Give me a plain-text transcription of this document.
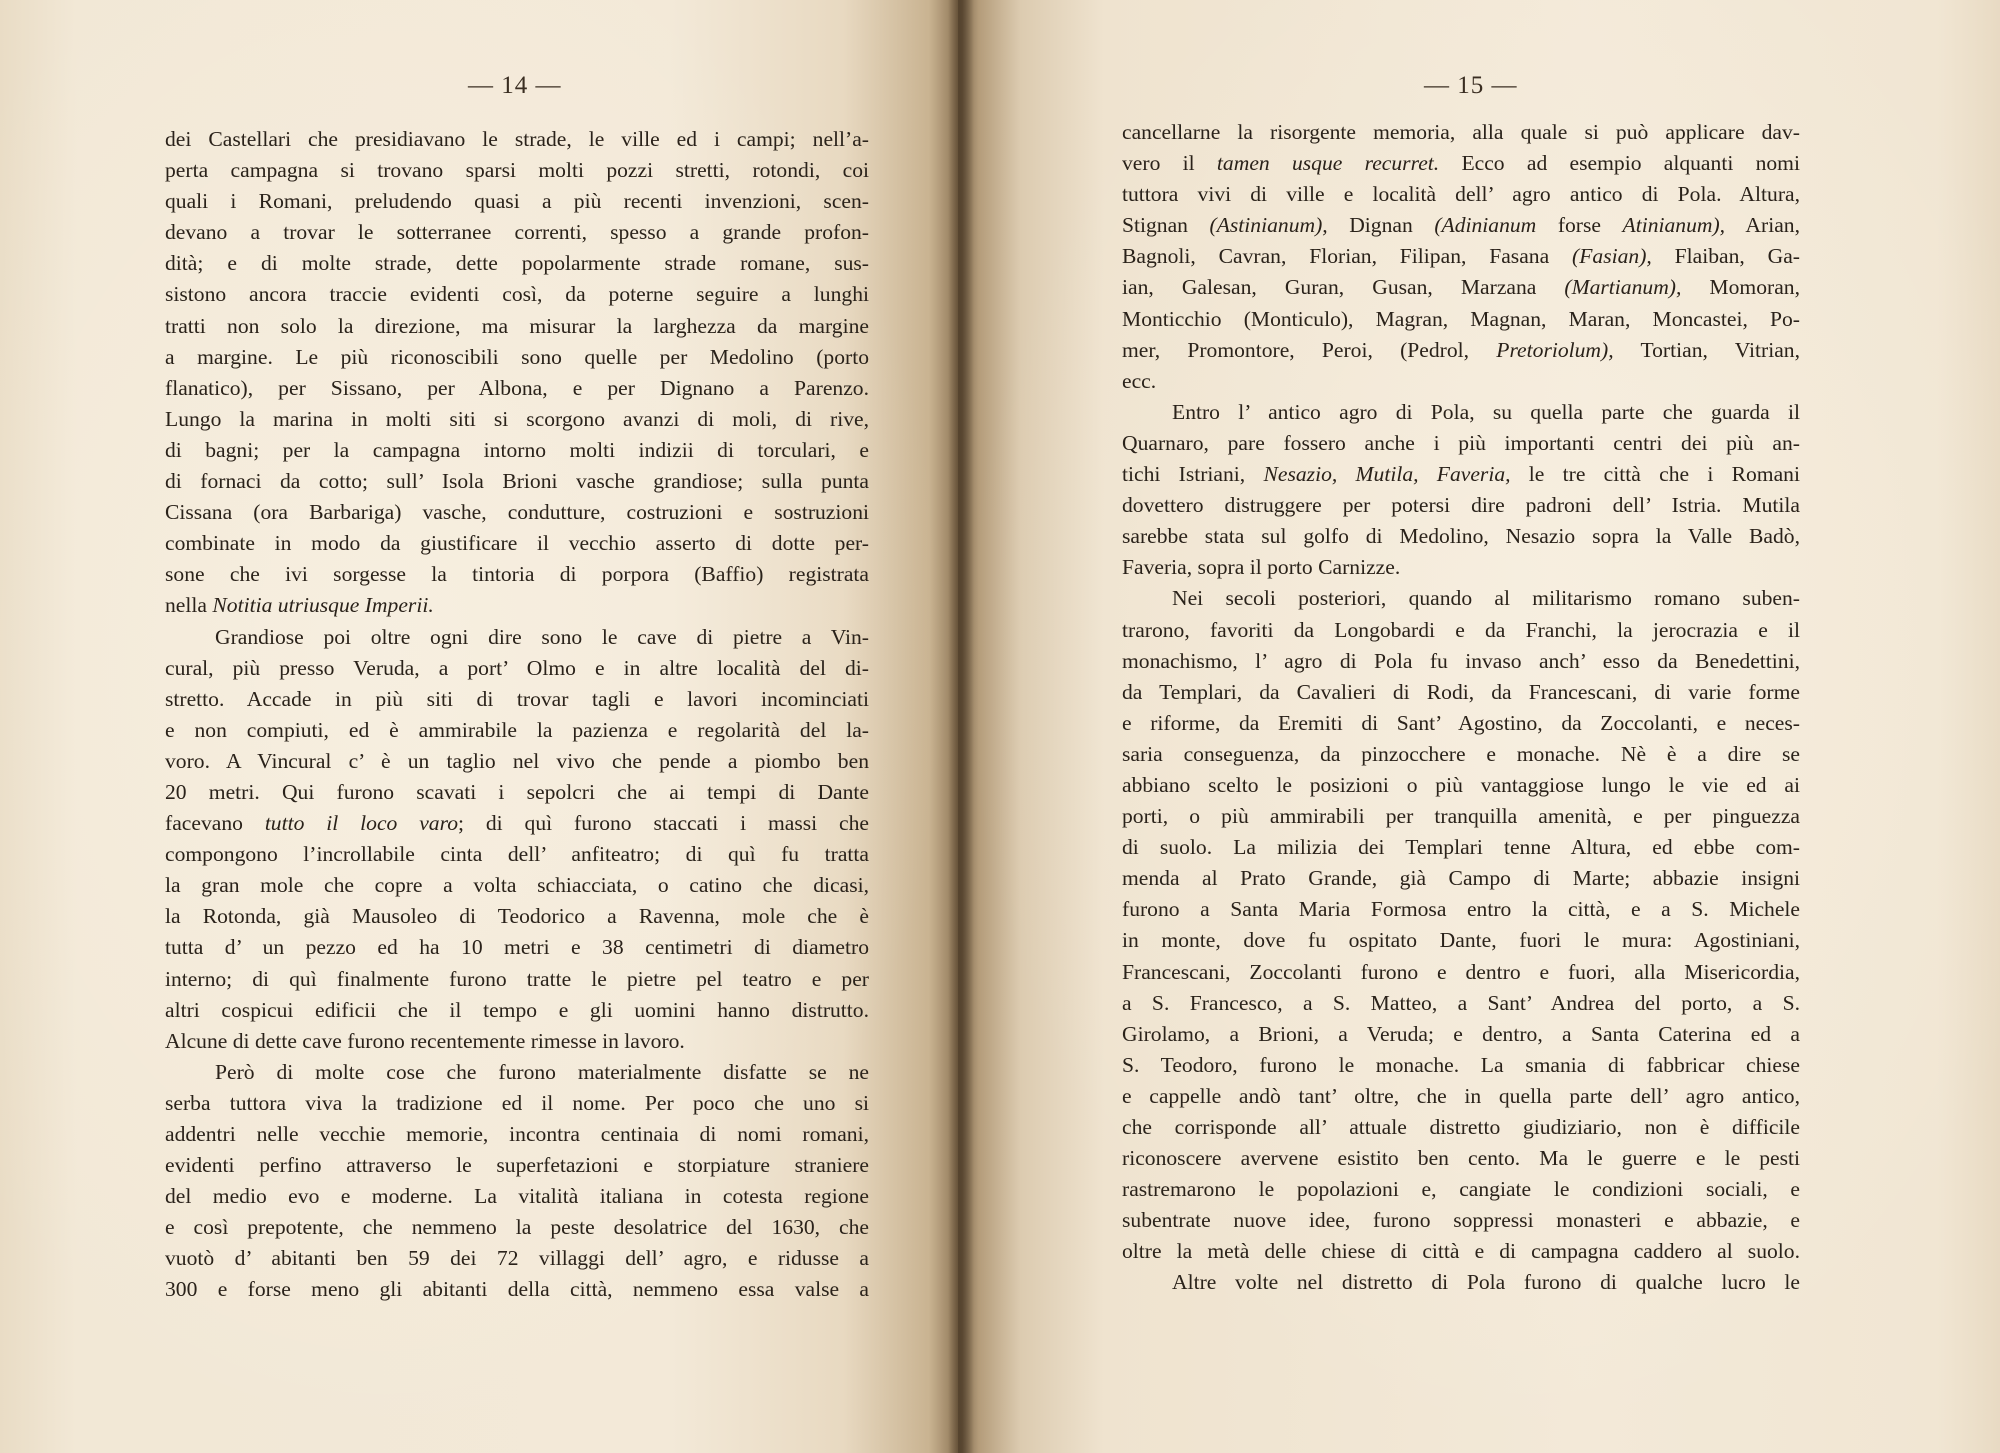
— 14 —
dei Castellari che presidiavano le strade, le ville ed i campi; nell’a-
perta campagna si trovano sparsi molti pozzi stretti, rotondi, coi
quali i Romani, preludendo quasi a più recenti invenzioni, scen-
devano a trovar le sotterranee correnti, spesso a grande profon-
dità; e di molte strade, dette popolarmente strade romane, sus-
sistono ancora traccie evidenti così, da poterne seguire a lunghi
tratti non solo la direzione, ma misurar la larghezza da margine
a margine. Le più riconoscibili sono quelle per Medolino (porto
flanatico), per Sissano, per Albona, e per Dignano a Parenzo.
Lungo la marina in molti siti si scorgono avanzi di moli, di rive,
di bagni; per la campagna intorno molti indizii di torculari, e
di fornaci da cotto; sull’ Isola Brioni vasche grandiose; sulla punta
Cissana (ora Barbariga) vasche, condutture, costruzioni e sostruzioni
combinate in modo da giustificare il vecchio asserto di dotte per-
sone che ivi sorgesse la tintoria di porpora (Baffio) registrata
nella Notitia utriusque Imperii.
Grandiose poi oltre ogni dire sono le cave di pietre a Vin-
cural, più presso Veruda, a port’ Olmo e in altre località del di-
stretto. Accade in più siti di trovar tagli e lavori incominciati
e non compiuti, ed è ammirabile la pazienza e regolarità del la-
voro. A Vincural c’ è un taglio nel vivo che pende a piombo ben
20 metri. Qui furono scavati i sepolcri che ai tempi di Dante
facevano tutto il loco varo; di quì furono staccati i massi che
compongono l’incrollabile cinta dell’ anfiteatro; di quì fu tratta
la gran mole che copre a volta schiacciata, o catino che dicasi,
la Rotonda, già Mausoleo di Teodorico a Ravenna, mole che è
tutta d’ un pezzo ed ha 10 metri e 38 centimetri di diametro
interno; di quì finalmente furono tratte le pietre pel teatro e per
altri cospicui edificii che il tempo e gli uomini hanno distrutto.
Alcune di dette cave furono recentemente rimesse in lavoro.
Però di molte cose che furono materialmente disfatte se ne
serba tuttora viva la tradizione ed il nome. Per poco che uno si
addentri nelle vecchie memorie, incontra centinaia di nomi romani,
evidenti perfino attraverso le superfetazioni e storpiature straniere
del medio evo e moderne. La vitalità italiana in cotesta regione
e così prepotente, che nemmeno la peste desolatrice del 1630, che
vuotò d’ abitanti ben 59 dei 72 villaggi dell’ agro, e ridusse a
300 e forse meno gli abitanti della città, nemmeno essa valse a
— 15 —
cancellarne la risorgente memoria, alla quale si può applicare dav-
vero il tamen usque recurret. Ecco ad esempio alquanti nomi
tuttora vivi di ville e località dell’ agro antico di Pola. Altura,
Stignan (Astinianum), Dignan (Adinianum forse Atinianum), Arian,
Bagnoli, Cavran, Florian, Filipan, Fasana (Fasian), Flaiban, Ga-
ian, Galesan, Guran, Gusan, Marzana (Martianum), Momoran,
Monticchio (Monticulo), Magran, Magnan, Maran, Moncastei, Po-
mer, Promontore, Peroi, (Pedrol, Pretoriolum), Tortian, Vitrian,
ecc.
Entro l’ antico agro di Pola, su quella parte che guarda il
Quarnaro, pare fossero anche i più importanti centri dei più an-
tichi Istriani, Nesazio, Mutila, Faveria, le tre città che i Romani
dovettero distruggere per potersi dire padroni dell’ Istria. Mutila
sarebbe stata sul golfo di Medolino, Nesazio sopra la Valle Badò,
Faveria, sopra il porto Carnizze.
Nei secoli posteriori, quando al militarismo romano suben-
trarono, favoriti da Longobardi e da Franchi, la jerocrazia e il
monachismo, l’ agro di Pola fu invaso anch’ esso da Benedettini,
da Templari, da Cavalieri di Rodi, da Francescani, di varie forme
e riforme, da Eremiti di Sant’ Agostino, da Zoccolanti, e neces-
saria conseguenza, da pinzocchere e monache. Nè è a dire se
abbiano scelto le posizioni o più vantaggiose lungo le vie ed ai
porti, o più ammirabili per tranquilla amenità, e per pinguezza
di suolo. La milizia dei Templari tenne Altura, ed ebbe com-
menda al Prato Grande, già Campo di Marte; abbazie insigni
furono a Santa Maria Formosa entro la città, e a S. Michele
in monte, dove fu ospitato Dante, fuori le mura: Agostiniani,
Francescani, Zoccolanti furono e dentro e fuori, alla Misericordia,
a S. Francesco, a S. Matteo, a Sant’ Andrea del porto, a S.
Girolamo, a Brioni, a Veruda; e dentro, a Santa Caterina ed a
S. Teodoro, furono le monache. La smania di fabbricar chiese
e cappelle andò tant’ oltre, che in quella parte dell’ agro antico,
che corrisponde all’ attuale distretto giudiziario, non è difficile
riconoscere avervene esistito ben cento. Ma le guerre e le pesti
rastremarono le popolazioni e, cangiate le condizioni sociali, e
subentrate nuove idee, furono soppressi monasteri e abbazie, e
oltre la metà delle chiese di città e di campagna caddero al suolo.
Altre volte nel distretto di Pola furono di qualche lucro le
